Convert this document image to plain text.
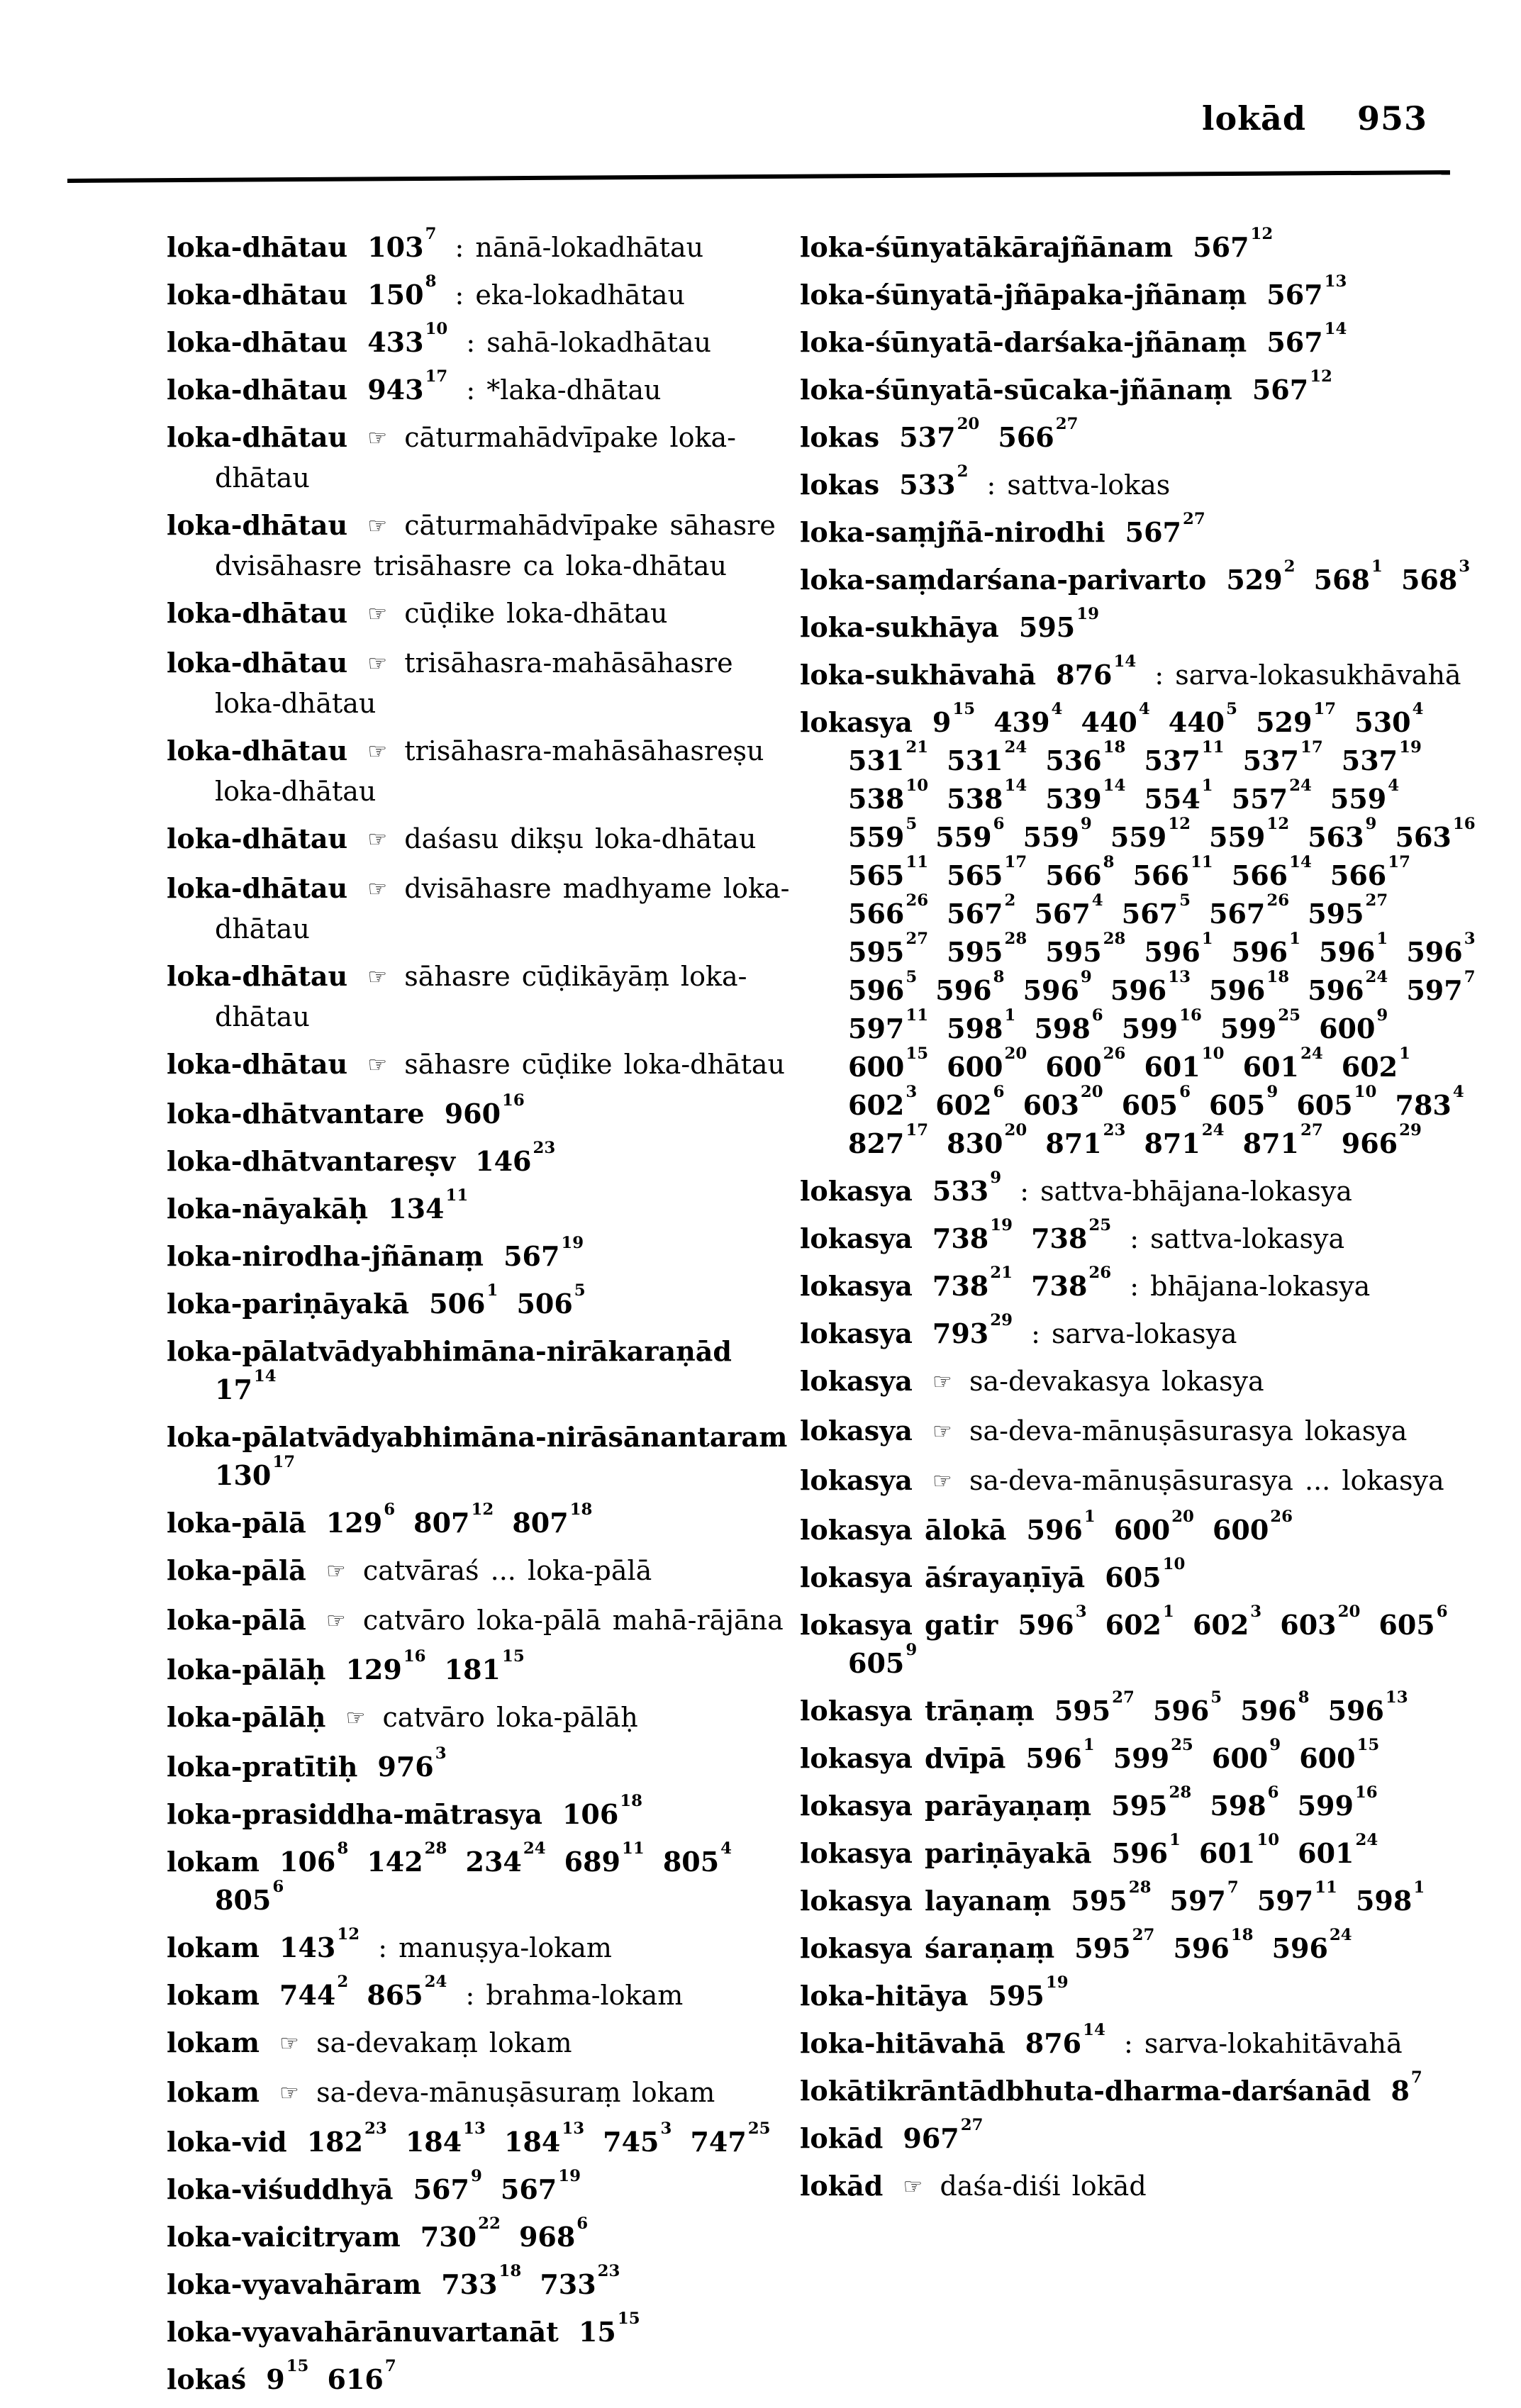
lokād 953
loka-dhātau $103^7$ : nānā-lokadhātau
loka-dhātau $150^8$ : eka-lokadhātau
loka-dhātau $433^{10}$ : sahā-lokadhātau
loka-dhātau $943^{17}$ : *laka-dhātau
loka-dhātau ☞ cāturmahādvīpake loka-dhātau
loka-dhātau ☞ cāturmahādvīpake sāhasre dvisāhasre trisāhasre ca loka-dhātau
loka-dhātau ☞ cūḍike loka-dhātau
loka-dhātau ☞ trisāhasra-mahāsāhasre loka-dhātau
loka-dhātau ☞ trisāhasra-mahāsāhasreṣu loka-dhātau
loka-dhātau ☞ daśasu dikṣu loka-dhātau
loka-dhātau ☞ dvisāhasre madhyame loka-dhātau
loka-dhātau ☞ sāhasre cūḍikāyāṃ loka-dhātau
loka-dhātau ☞ sāhasre cūḍike loka-dhātau
loka-dhātvantare $960^{16}$
loka-dhātvantareṣv $146^{23}$
loka-nāyakāḥ $134^{11}$
loka-nirodha-jñānaṃ $567^{19}$
loka-pariṇāyakā $506^1$ $506^5$
loka-pālatvādyabhimāna-nirākaraṇād $17^{14}$
loka-pālatvādyabhimāna-nirāsānantaram $130^{17}$
loka-pālā $129^6$ $807^{12}$ $807^{18}$
loka-pālā ☞ catvāraś ... loka-pālā
loka-pālā ☞ catvāro loka-pālā mahā-rājāna
loka-pālāḥ $129^{16}$ $181^{15}$
loka-pālāḥ ☞ catvāro loka-pālāḥ
loka-pratītiḥ $976^3$
loka-prasiddha-mātrasya $106^{18}$
lokam $106^8$ $142^{28}$ $234^{24}$ $689^{11}$ $805^4$ $805^6$
lokam $143^{12}$ : manuṣya-lokam
lokam $744^2$ $865^{24}$ : brahma-lokam
lokam ☞ sa-devakaṃ lokam
lokam ☞ sa-deva-mānuṣāsuraṃ lokam
loka-vid $182^{23}$ $184^{13}$ $184^{13}$ $745^3$ $747^{25}$
loka-viśuddhyā $567^9$ $567^{19}$
loka-vaicitryam $730^{22}$ $968^6$
loka-vyavahāram $733^{18}$ $733^{23}$
loka-vyavahārānuvartanāt $15^{15}$
lokaś $9^{15}$ $616^7$
loka-śūnyatākārajñānam $567^{12}$
loka-śūnyatā-jñāpaka-jñānaṃ $567^{13}$
loka-śūnyatā-darśaka-jñānaṃ $567^{14}$
loka-śūnyatā-sūcaka-jñānaṃ $567^{12}$
lokas $537^{20}$ $566^{27}$
lokas $533^2$ : sattva-lokas
loka-saṃjñā-nirodhi $567^{27}$
loka-saṃdarśana-parivarto $529^2$ $568^1$ $568^3$
loka-sukhāya $595^{19}$
loka-sukhāvahā $876^{14}$ : sarva-lokasukhāvahā
lokasya $9^{15}$ $439^4$ $440^4$ $440^5$ $529^{17}$ $530^4$ $531^{21}$ $531^{24}$ $536^{18}$ $537^{11}$ $537^{17}$ $537^{19}$ $538^{10}$ $538^{14}$ $539^{14}$ $554^1$ $557^{24}$ $559^4$ $559^5$ $559^6$ $559^9$ $559^{12}$ $559^{12}$ $563^9$ $563^{16}$ $565^{11}$ $565^{17}$ $566^8$ $566^{11}$ $566^{14}$ $566^{17}$ $566^{26}$ $567^2$ $567^4$ $567^5$ $567^{26}$ $595^{27}$ $595^{27}$ $595^{28}$ $595^{28}$ $596^1$ $596^1$ $596^1$ $596^3$ $596^5$ $596^8$ $596^9$ $596^{13}$ $596^{18}$ $596^{24}$ $597^7$ $597^{11}$ $598^1$ $598^6$ $599^{16}$ $599^{25}$ $600^9$ $600^{15}$ $600^{20}$ $600^{26}$ $601^{10}$ $601^{24}$ $602^1$ $602^3$ $602^6$ $603^{20}$ $605^6$ $605^9$ $605^{10}$ $783^4$ $827^{17}$ $830^{20}$ $871^{23}$ $871^{24}$ $871^{27}$ $966^{29}$
lokasya $533^9$ : sattva-bhājana-lokasya
lokasya $738^{19}$ $738^{25}$ : sattva-lokasya
lokasya $738^{21}$ $738^{26}$ : bhājana-lokasya
lokasya $793^{29}$ : sarva-lokasya
lokasya ☞ sa-devakasya lokasya
lokasya ☞ sa-deva-mānuṣāsurasya lokasya
lokasya ☞ sa-deva-mānuṣāsurasya ... lokasya
lokasya ālokā $596^1$ $600^{20}$ $600^{26}$
lokasya āśrayaṇīyā $605^{10}$
lokasya gatir $596^3$ $602^1$ $602^3$ $603^{20}$ $605^6$ $605^9$
lokasya trāṇaṃ $595^{27}$ $596^5$ $596^8$ $596^{13}$
lokasya dvīpā $596^1$ $599^{25}$ $600^9$ $600^{15}$
lokasya parāyaṇaṃ $595^{28}$ $598^6$ $599^{16}$
lokasya pariṇāyakā $596^1$ $601^{10}$ $601^{24}$
lokasya layanaṃ $595^{28}$ $597^7$ $597^{11}$ $598^1$
lokasya śaraṇaṃ $595^{27}$ $596^{18}$ $596^{24}$
loka-hitāya $595^{19}$
loka-hitāvahā $876^{14}$ : sarva-lokahitāvahā
lokātikrāntādbhuta-dharma-darśanād $8^7$
lokād $967^{27}$
lokād ☞ daśa-diśi lokād
